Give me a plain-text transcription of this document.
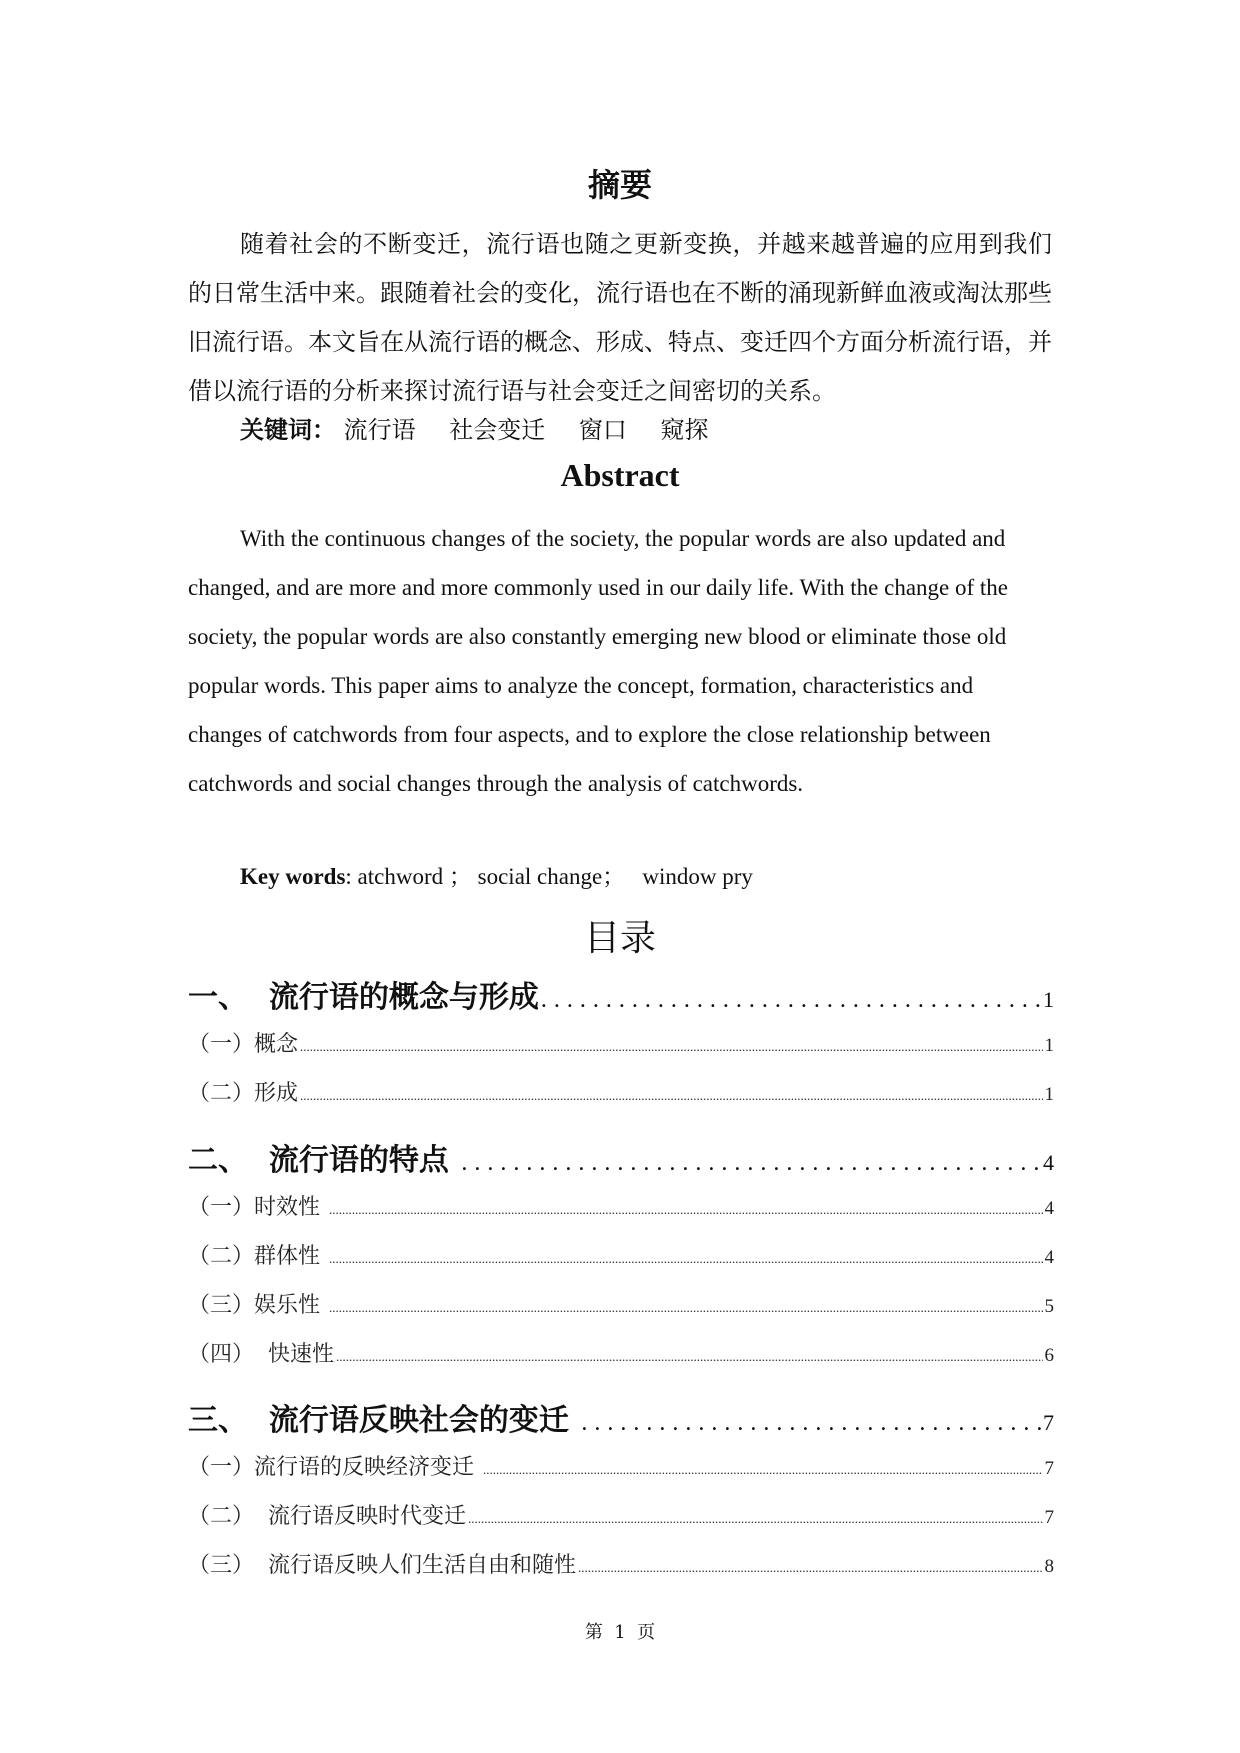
摘要

随着社会的不断变迁，流行语也随之更新变换，并越来越普遍的应用到我们的日常生活中来。跟随着社会的变化，流行语也在不断的涌现新鲜血液或淘汰那些旧流行语。本文旨在从流行语的概念、形成、特点、变迁四个方面分析流行语，并借以流行语的分析来探讨流行语与社会变迁之间密切的关系。

关键词： 流行语 社会变迁 窗口 窥探

Abstract

With the continuous changes of the society, the popular words are also updated and changed, and are more and more commonly used in our daily life. With the change of the society, the popular words are also constantly emerging new blood or eliminate those old popular words. This paper aims to analyze the concept, formation, characteristics and changes of catchwords from four aspects, and to explore the close relationship between catchwords and social changes through the analysis of catchwords.

Key words: atchword ； social change；   window pry

目录
一、  流行语的概念与形成 .....	1
（一）概念 .....	1
（二）形成 .....	1
二、  流行语的特点 .....	4
（一）时效性 .....	4
（二）群体性 .....	4
（三）娱乐性 .....	5
（四）  快速性 .....	6
三、  流行语反映社会的变迁 .....	7
（一）流行语的反映经济变迁 .....	7
（二）  流行语反映时代变迁 .....	7
（三）  流行语反映人们生活自由和随性 .....	8

第  1  页
